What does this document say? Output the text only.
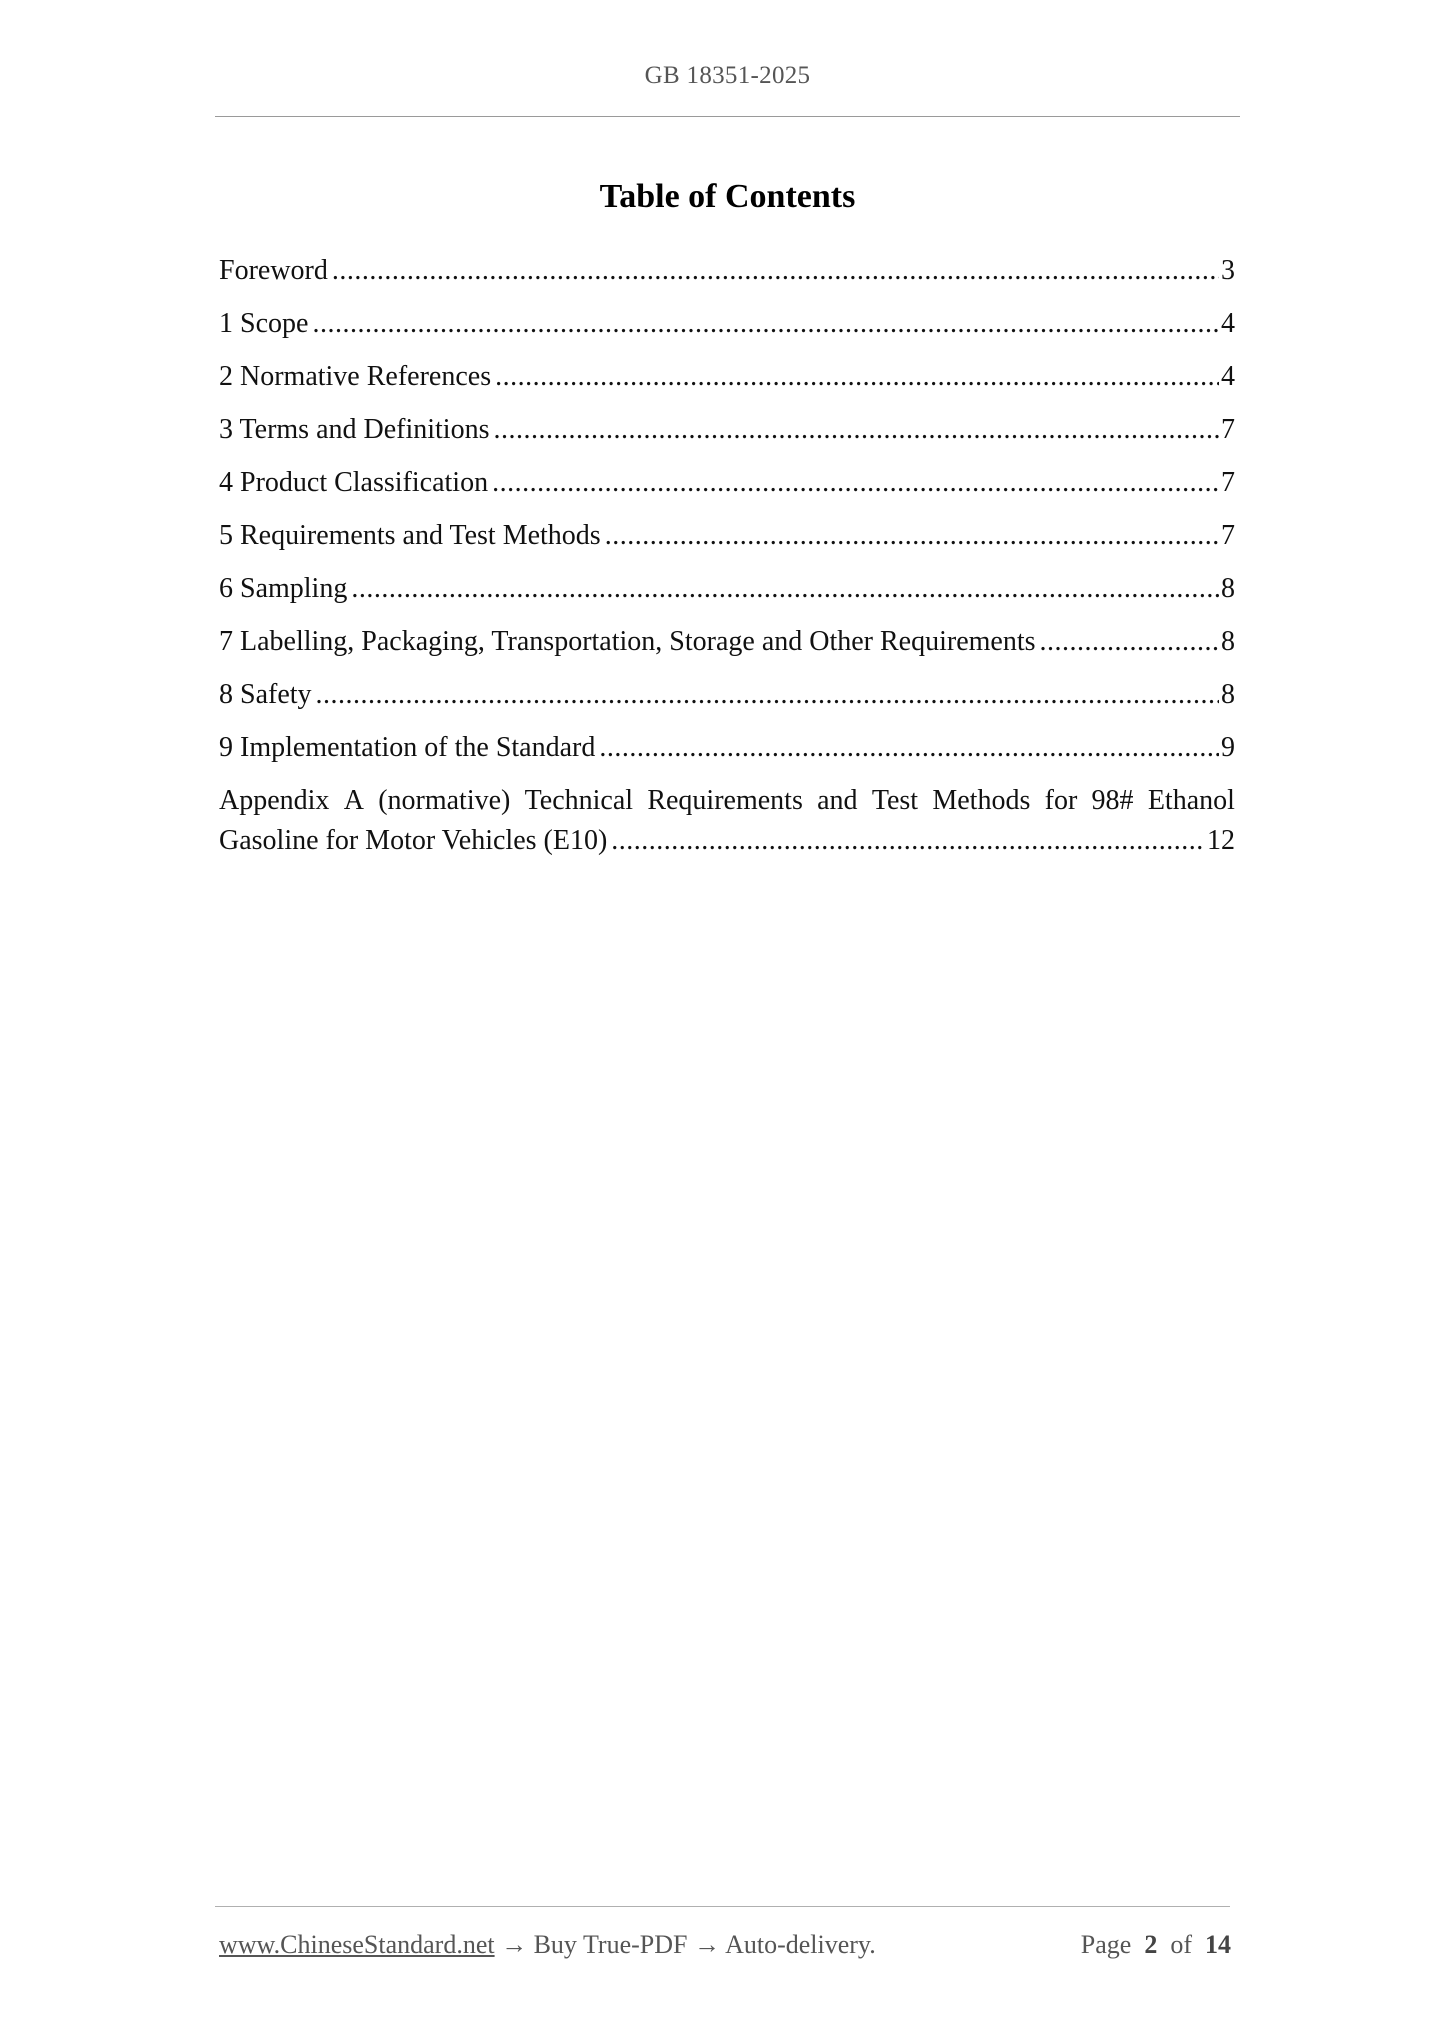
GB 18351-2025
Table of Contents
Foreword .....	3
1 Scope .....	4
2 Normative References .....	4
3 Terms and Definitions .....	7
4 Product Classification .....	7
5 Requirements and Test Methods .....	7
6 Sampling .....	8
7 Labelling, Packaging, Transportation, Storage and Other Requirements .....	8
8 Safety .....	8
9 Implementation of the Standard .....	9
Appendix A (normative) Technical Requirements and Test Methods for 98# Ethanol
Gasoline for Motor Vehicles (E10) .....	12
www.ChineseStandard.net → Buy True-PDF → Auto-delivery.	Page 2 of 14
